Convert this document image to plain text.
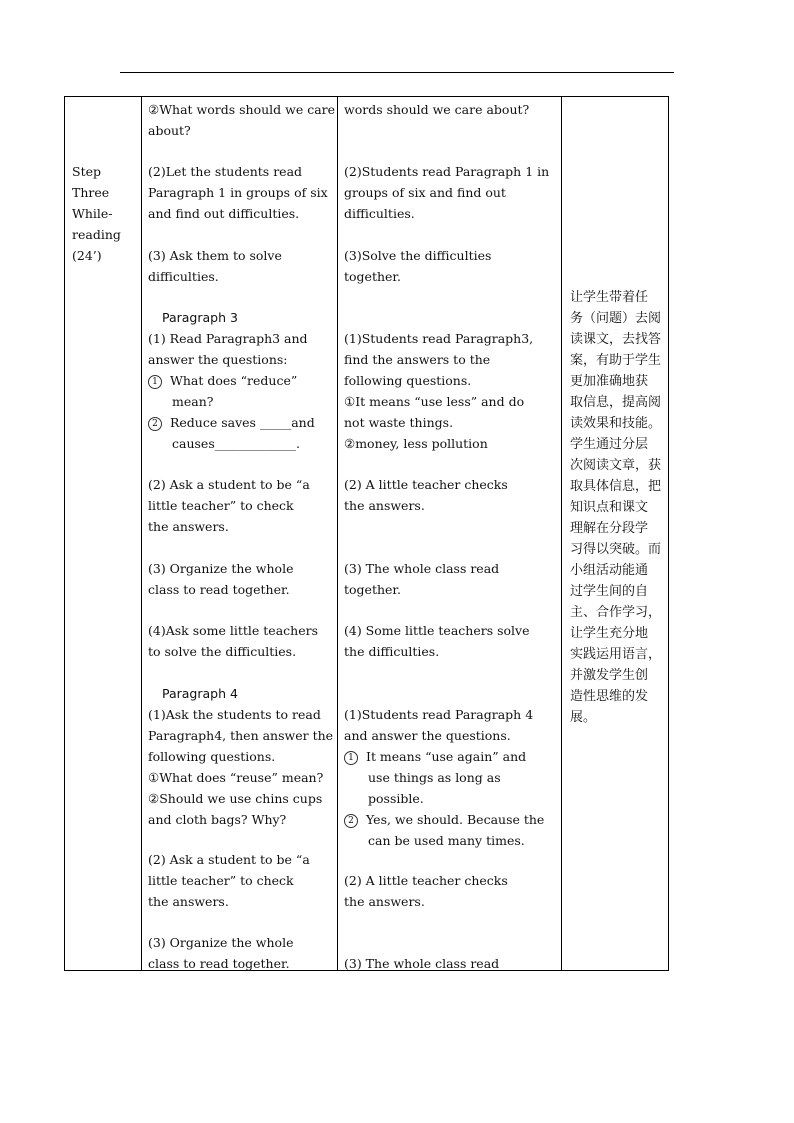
Step
Three
While-
reading
(24’)
②What words should we care
about?
(2)Let the students read
Paragraph 1 in groups of six
and find out difficulties.
(3) Ask them to solve
difficulties.
Paragraph 3
(1) Read Paragraph3 and
answer the questions:
1 What does “reduce”
mean?
2 Reduce saves _____and
causes_____________.
(2) Ask a student to be “a
little teacher” to check
the answers.
(3) Organize the whole
class to read together.
(4)Ask some little teachers
to solve the difficulties.
Paragraph 4
(1)Ask the students to read
Paragraph4, then answer the
following questions.
①What does “reuse” mean?
②Should we use chins cups
and cloth bags? Why?
(2) Ask a student to be “a
little teacher” to check
the answers.
(3) Organize the whole
class to read together.
words should we care about?
(2)Students read Paragraph 1 in
groups of six and find out
difficulties.
(3)Solve the difficulties
together.
(1)Students read Paragraph3,
find the answers to the
following questions.
①It means “use less” and do
not waste things.
②money, less pollution
(2) A little teacher checks
the answers.
(3) The whole class read
together.
(4) Some little teachers solve
the difficulties.
(1)Students read Paragraph 4
and answer the questions.
1 It means “use again” and
use things as long as
possible.
2 Yes, we should. Because the
can be used many times.
(2) A little teacher checks
the answers.
(3) The whole class read
让学生带着任
务（问题）去阅
读课文，去找答
案，有助于学生
更加准确地获
取信息，提高阅
读效果和技能。
学生通过分层
次阅读文章，获
取具体信息，把
知识点和课文
理解在分段学
习得以突破。而
小组活动能通
过学生间的自
主、合作学习，
让学生充分地
实践运用语言，
并激发学生创
造性思维的发
展。
